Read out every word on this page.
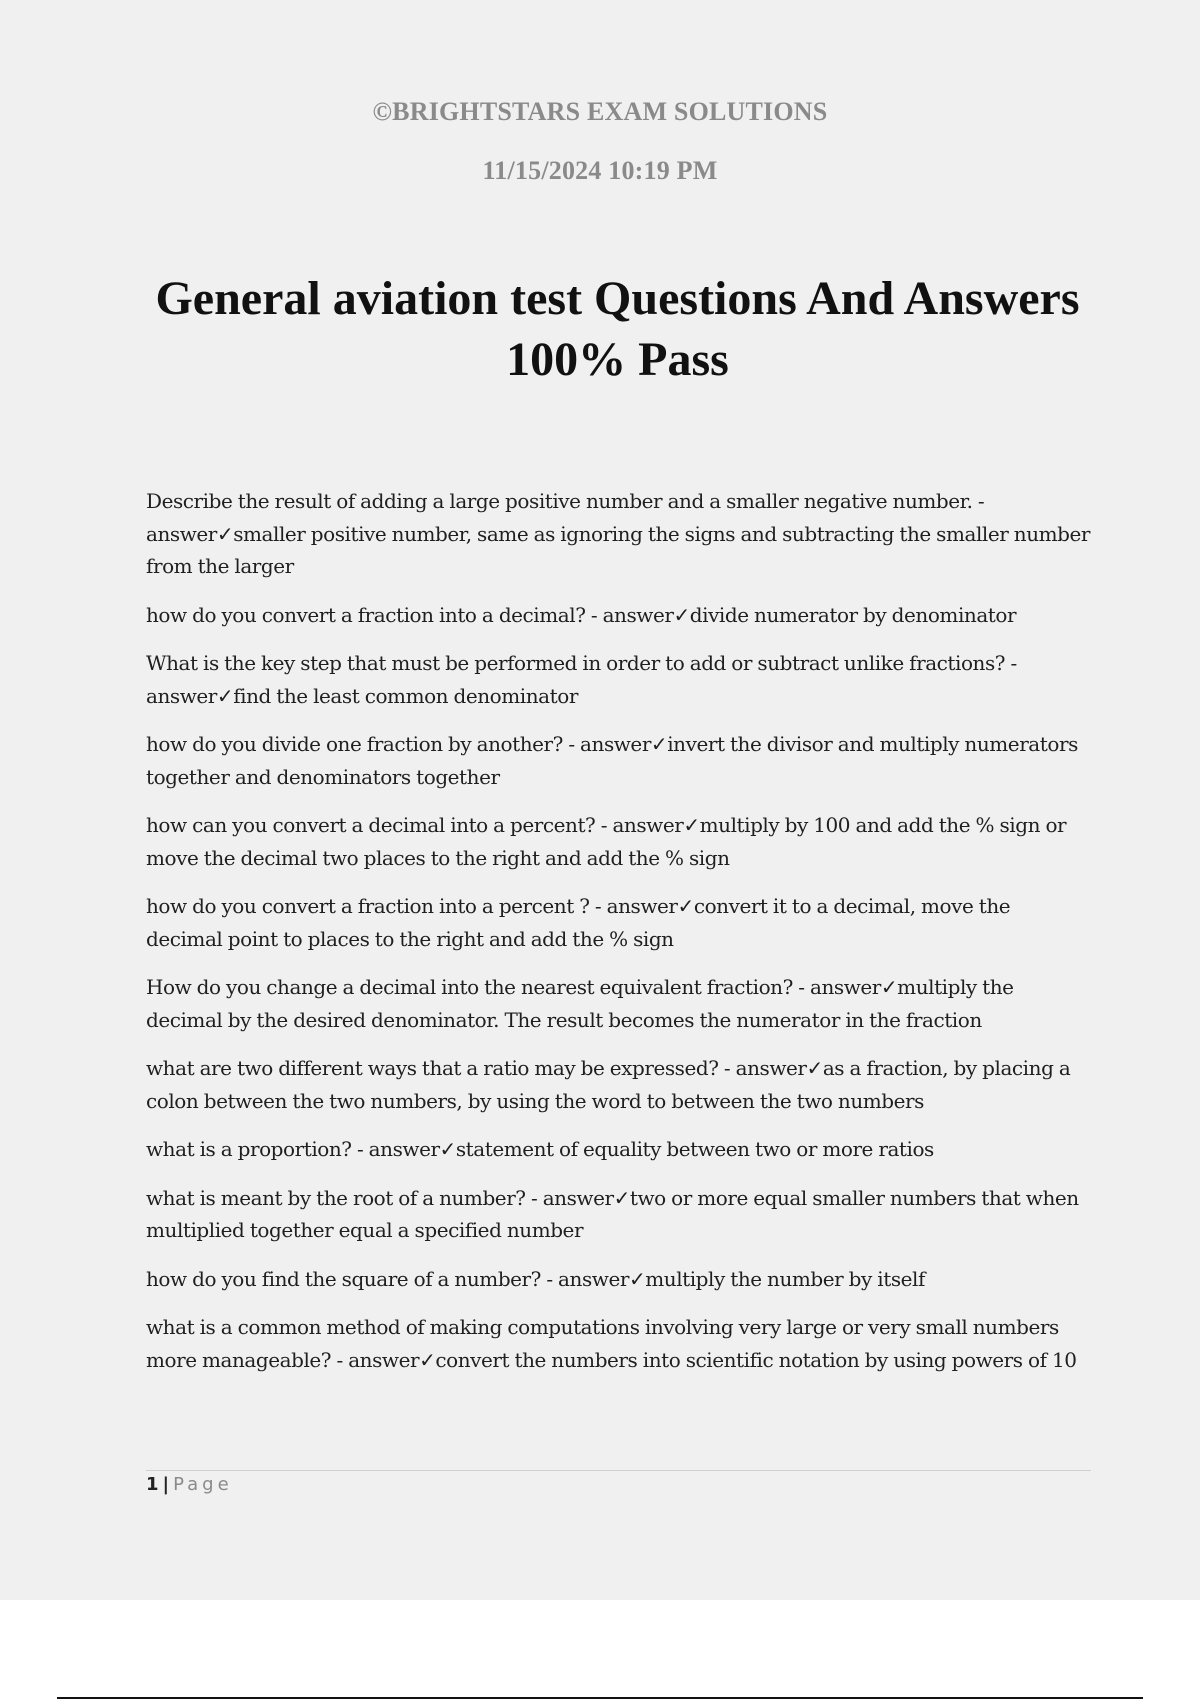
©BRIGHTSTARS EXAM SOLUTIONS
11/15/2024 10:19 PM
General aviation test Questions And Answers
100% Pass

Describe the result of adding a large positive number and a smaller negative number. - answer✓smaller positive number, same as ignoring the signs and subtracting the smaller number from the larger

how do you convert a fraction into a decimal? - answer✓divide numerator by denominator

What is the key step that must be performed in order to add or subtract unlike fractions? - answer✓find the least common denominator

how do you divide one fraction by another? - answer✓invert the divisor and multiply numerators together and denominators together

how can you convert a decimal into a percent? - answer✓multiply by 100 and add the % sign or move the decimal two places to the right and add the % sign

how do you convert a fraction into a percent ? - answer✓convert it to a decimal, move the decimal point to places to the right and add the % sign

How do you change a decimal into the nearest equivalent fraction? - answer✓multiply the decimal by the desired denominator. The result becomes the numerator in the fraction

what are two different ways that a ratio may be expressed? - answer✓as a fraction, by placing a colon between the two numbers, by using the word to between the two numbers

what is a proportion? - answer✓statement of equality between two or more ratios

what is meant by the root of a number? - answer✓two or more equal smaller numbers that when multiplied together equal a specified number

how do you find the square of a number? - answer✓multiply the number by itself

what is a common method of making computations involving very large or very small numbers more manageable? - answer✓convert the numbers into scientific notation by using powers of 10

1 | Page
